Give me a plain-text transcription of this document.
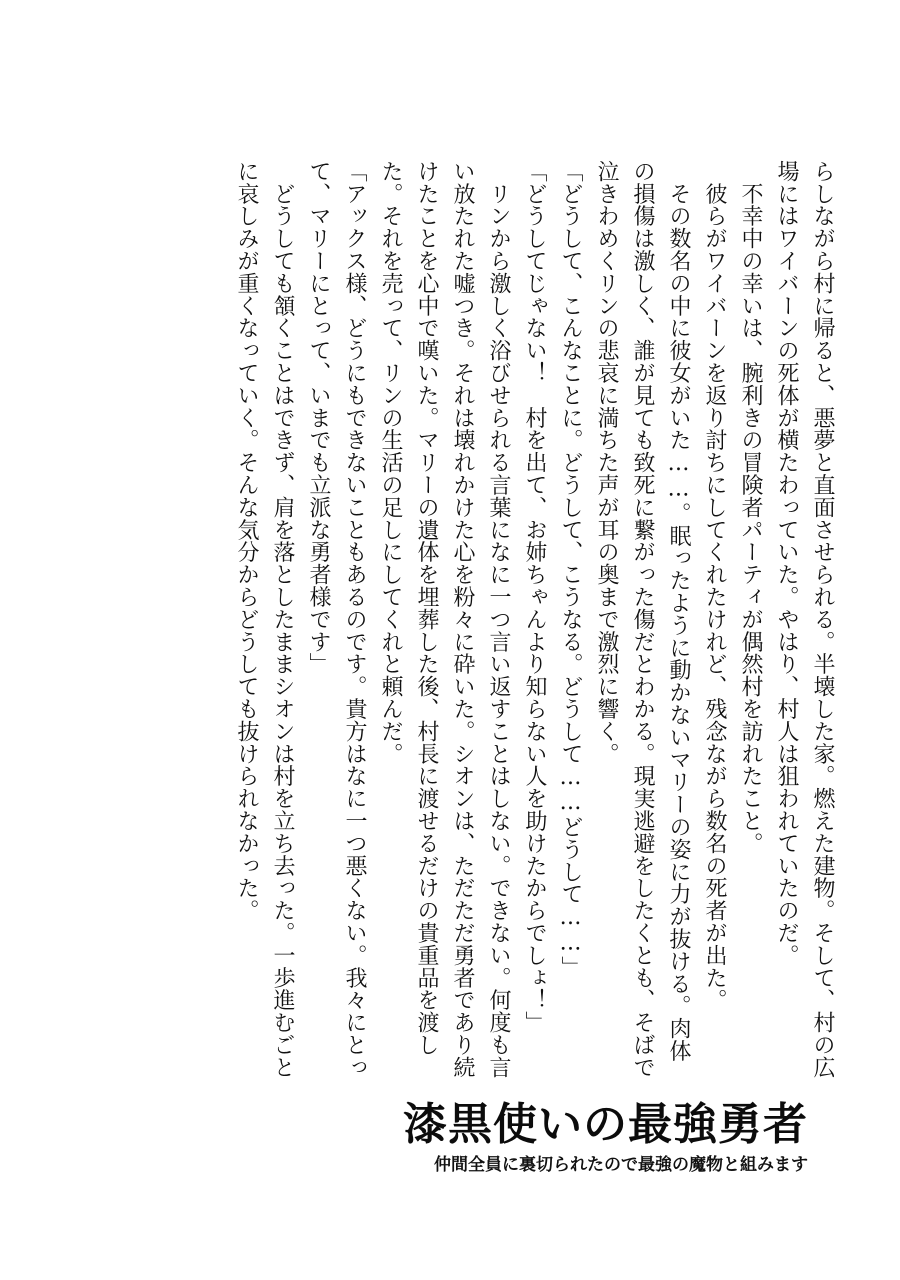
らしながら村に帰ると、悪夢と直面させられる。半壊した家。燃えた建物。そして、村の広場にはワイバーンの死体が横たわっていた。やはり、村人は狙われていたのだ。

　不幸中の幸いは、腕利きの冒険者パーティが偶然村を訪れたこと。

　彼らがワイバーンを返り討ちにしてくれたけれど、残念ながら数名の死者が出た。

　その数名の中に彼女がいた……。眠ったように動かないマリーの姿に力が抜ける。肉体の損傷は激しく、誰が見ても致死に繋がった傷だとわかる。現実逃避をしたくとも、そばで泣きわめくリンの悲哀に満ちた声が耳の奥まで激烈に響く。

「どうして、こんなことに。どうして、こうなる。どうして……どうして……」

「どうしてじゃない！　村を出て、お姉ちゃんより知らない人を助けたからでしょ！」

　リンから激しく浴びせられる言葉になに一つ言い返すことはしない。できない。何度も言い放たれた嘘つき。それは壊れかけた心を粉々に砕いた。シオンは、ただただ勇者であり続けたことを心中で嘆いた。マリーの遺体を埋葬した後、村長に渡せるだけの貴重品を渡した。それを売って、リンの生活の足しにしてくれと頼んだ。

「アックス様、どうにもできないこともあるのです。貴方はなに一つ悪くない。我々にとって、マリーにとって、いまでも立派な勇者様です」

　どうしても頷くことはできず、肩を落としたままシオンは村を立ち去った。一歩進むごとに哀しみが重くなっていく。そんな気分からどうしても抜けられなかった。

漆黒使いの最強勇者
仲間全員に裏切られたので最強の魔物と組みます
